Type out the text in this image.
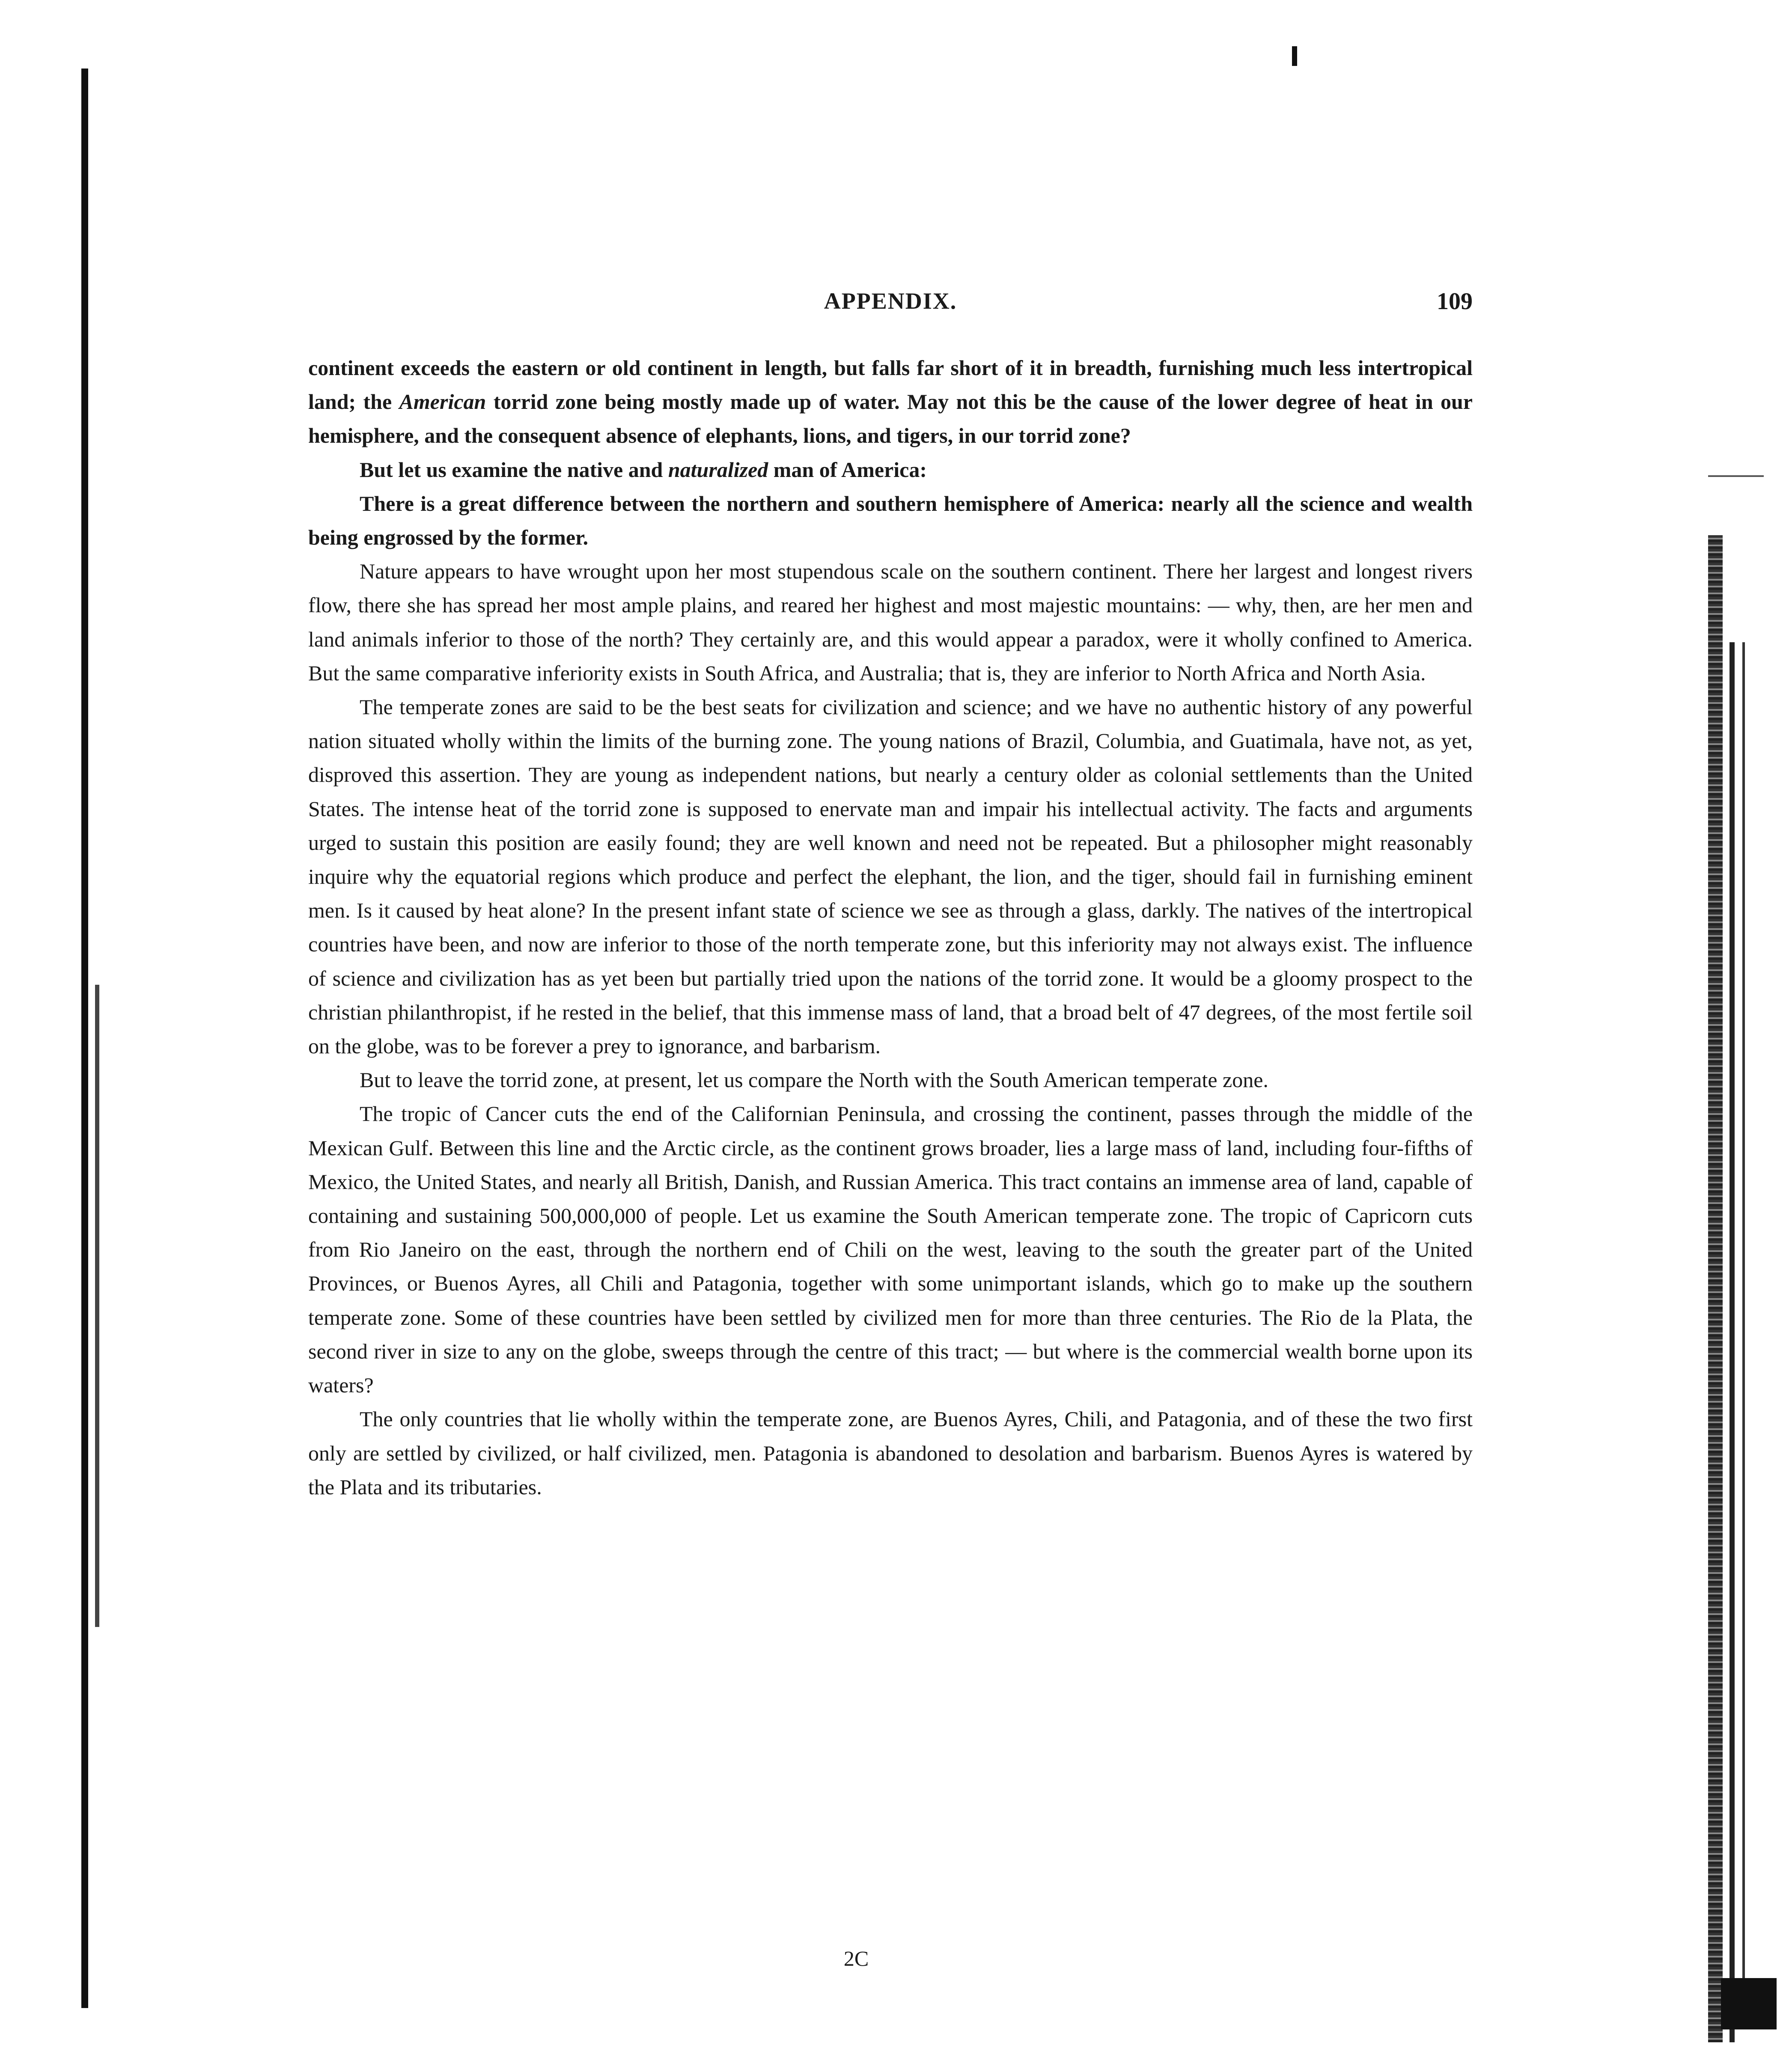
APPENDIX.	109

continent exceeds the eastern or old continent in length, but falls far short of it in breadth, furnishing much less intertropical land; the American torrid zone being mostly made up of water. May not this be the cause of the lower degree of heat in our hemisphere, and the consequent absence of elephants, lions, and tigers, in our torrid zone?

But let us examine the native and naturalized man of America:

There is a great difference between the northern and southern hemisphere of America: nearly all the science and wealth being engrossed by the former.

Nature appears to have wrought upon her most stupendous scale on the southern continent. There her largest and longest rivers flow, there she has spread her most ample plains, and reared her highest and most majestic mountains: — why, then, are her men and land animals inferior to those of the north? They certainly are, and this would appear a paradox, were it wholly confined to America. But the same comparative inferiority exists in South Africa, and Australia; that is, they are inferior to North Africa and North Asia.

The temperate zones are said to be the best seats for civilization and science; and we have no authentic history of any powerful nation situated wholly within the limits of the burning zone. The young nations of Brazil, Columbia, and Guatimala, have not, as yet, disproved this assertion. They are young as independent nations, but nearly a century older as colonial settlements than the United States. The intense heat of the torrid zone is supposed to enervate man and impair his intellectual activity. The facts and arguments urged to sustain this position are easily found; they are well known and need not be repeated. But a philosopher might reasonably inquire why the equatorial regions which produce and perfect the elephant, the lion, and the tiger, should fail in furnishing eminent men. Is it caused by heat alone? In the present infant state of science we see as through a glass, darkly. The natives of the intertropical countries have been, and now are inferior to those of the north temperate zone, but this inferiority may not always exist. The influence of science and civilization has as yet been but partially tried upon the nations of the torrid zone. It would be a gloomy prospect to the christian philanthropist, if he rested in the belief, that this immense mass of land, that a broad belt of 47 degrees, of the most fertile soil on the globe, was to be forever a prey to ignorance, and barbarism.

But to leave the torrid zone, at present, let us compare the North with the South American temperate zone.

The tropic of Cancer cuts the end of the Californian Peninsula, and crossing the continent, passes through the middle of the Mexican Gulf. Between this line and the Arctic circle, as the continent grows broader, lies a large mass of land, including four-fifths of Mexico, the United States, and nearly all British, Danish, and Russian America. This tract contains an immense area of land, capable of containing and sustaining 500,000,000 of people. Let us examine the South American temperate zone. The tropic of Capricorn cuts from Rio Janeiro on the east, through the northern end of Chili on the west, leaving to the south the greater part of the United Provinces, or Buenos Ayres, all Chili and Patagonia, together with some unimportant islands, which go to make up the southern temperate zone. Some of these countries have been settled by civilized men for more than three centuries. The Rio de la Plata, the second river in size to any on the globe, sweeps through the centre of this tract; — but where is the commercial wealth borne upon its waters?

The only countries that lie wholly within the temperate zone, are Buenos Ayres, Chili, and Patagonia, and of these the two first only are settled by civilized, or half civilized, men. Patagonia is abandoned to desolation and barbarism. Buenos Ayres is watered by the Plata and its tributaries.

2C
